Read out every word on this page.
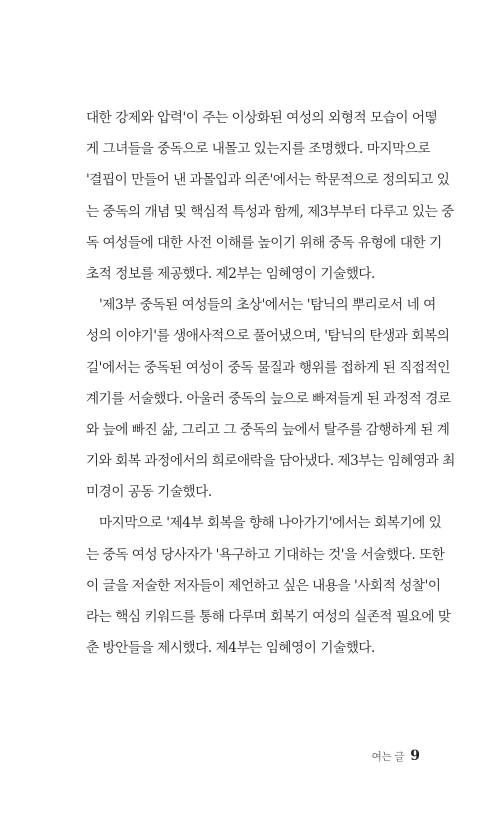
대한 강제와 압력'이 주는 이상화된 여성의 외형적 모습이 어떻
게 그녀들을 중독으로 내몰고 있는지를 조명했다. 마지막으로
'결핍이 만들어 낸 과몰입과 의존'에서는 학문적으로 정의되고 있
는 중독의 개념 및 핵심적 특성과 함께, 제3부부터 다루고 있는 중
독 여성들에 대한 사전 이해를 높이기 위해 중독 유형에 대한 기
초적 정보를 제공했다. 제2부는 임혜영이 기술했다.
'제3부 중독된 여성들의 초상'에서는 '탐닉의 뿌리로서 네 여
성의 이야기'를 생애사적으로 풀어냈으며, '탐닉의 탄생과 회복의
길'에서는 중독된 여성이 중독 물질과 행위를 접하게 된 직접적인
계기를 서술했다. 아울러 중독의 늪으로 빠져들게 된 과정적 경로
와 늪에 빠진 삶, 그리고 그 중독의 늪에서 탈주를 감행하게 된 계
기와 회복 과정에서의 희로애락을 담아냈다. 제3부는 임혜영과 최
미경이 공동 기술했다.
마지막으로 '제4부 회복을 향해 나아가기'에서는 회복기에 있
는 중독 여성 당사자가 '욕구하고 기대하는 것'을 서술했다. 또한
이 글을 저술한 저자들이 제언하고 싶은 내용을 '사회적 성찰'이
라는 핵심 키워드를 통해 다루며 회복기 여성의 실존적 필요에 맞
춘 방안들을 제시했다. 제4부는 임혜영이 기술했다.
여는 글 9
